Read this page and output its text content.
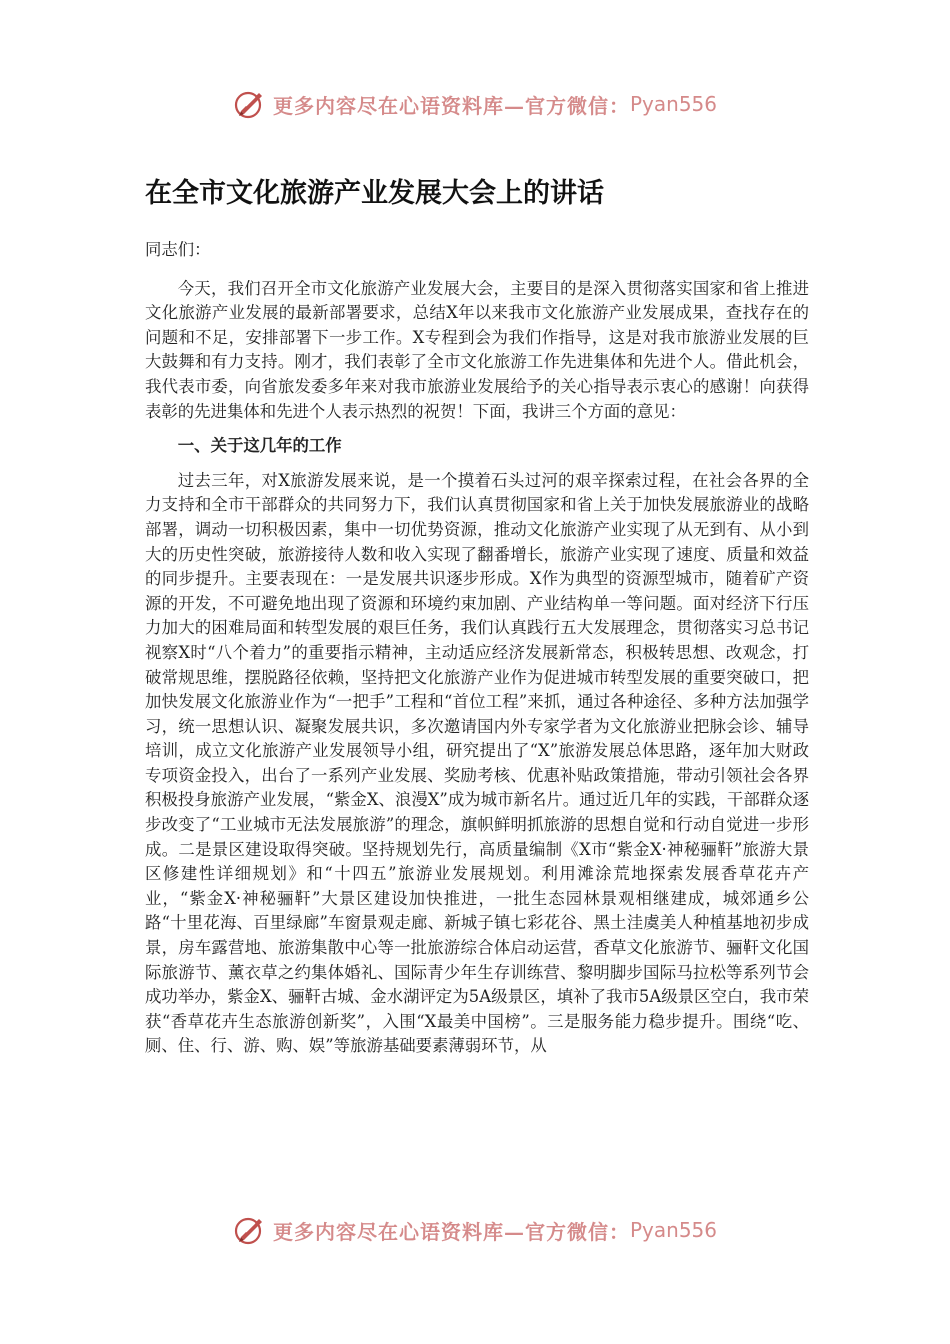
更多内容尽在心语资料库—官方微信： Pyan556
在全市文化旅游产业发展大会上的讲话

同志们：

今天，我们召开全市文化旅游产业发展大会，主要目的是深入贯彻落实国家和省上推进文化旅游产业发展的最新部署要求，总结X年以来我市文化旅游产业发展成果，查找存在的问题和不足，安排部署下一步工作。X专程到会为我们作指导，这是对我市旅游业发展的巨大鼓舞和有力支持。刚才，我们表彰了全市文化旅游工作先进集体和先进个人。借此机会，我代表市委，向省旅发委多年来对我市旅游业发展给予的关心指导表示衷心的感谢！向获得表彰的先进集体和先进个人表示热烈的祝贺！下面，我讲三个方面的意见：

一、关于这几年的工作

过去三年，对X旅游发展来说，是一个摸着石头过河的艰辛探索过程，在社会各界的全力支持和全市干部群众的共同努力下，我们认真贯彻国家和省上关于加快发展旅游业的战略部署，调动一切积极因素，集中一切优势资源，推动文化旅游产业实现了从无到有、从小到大的历史性突破，旅游接待人数和收入实现了翻番增长，旅游产业实现了速度、质量和效益的同步提升。主要表现在：一是发展共识逐步形成。X作为典型的资源型城市，随着矿产资源的开发，不可避免地出现了资源和环境约束加剧、产业结构单一等问题。面对经济下行压力加大的困难局面和转型发展的艰巨任务，我们认真践行五大发展理念，贯彻落实习总书记视察X时“八个着力”的重要指示精神，主动适应经济发展新常态，积极转思想、改观念，打破常规思维，摆脱路径依赖，坚持把文化旅游产业作为促进城市转型发展的重要突破口，把加快发展文化旅游业作为“一把手”工程和“首位工程”来抓，通过各种途径、多种方法加强学习，统一思想认识、凝聚发展共识，多次邀请国内外专家学者为文化旅游业把脉会诊、辅导培训，成立文化旅游产业发展领导小组，研究提出了“X”旅游发展总体思路，逐年加大财政专项资金投入，出台了一系列产业发展、奖励考核、优惠补贴政策措施，带动引领社会各界积极投身旅游产业发展，“紫金X、浪漫X”成为城市新名片。通过近几年的实践，干部群众逐步改变了“工业城市无法发展旅游”的理念，旗帜鲜明抓旅游的思想自觉和行动自觉进一步形成。二是景区建设取得突破。坚持规划先行，高质量编制《X市“紫金X·神秘骊靬”旅游大景区修建性详细规划》和“十四五”旅游业发展规划。利用滩涂荒地探索发展香草花卉产业，“紫金X·神秘骊靬”大景区建设加快推进，一批生态园林景观相继建成，城郊通乡公路“十里花海、百里绿廊”车窗景观走廊、新城子镇七彩花谷、黑土洼虞美人种植基地初步成景，房车露营地、旅游集散中心等一批旅游综合体启动运营，香草文化旅游节、骊靬文化国际旅游节、薰衣草之约集体婚礼、国际青少年生存训练营、黎明脚步国际马拉松等系列节会成功举办，紫金X、骊靬古城、金水湖评定为5A级景区，填补了我市5A级景区空白，我市荣获“香草花卉生态旅游创新奖”，入围“X最美中国榜”。三是服务能力稳步提升。围绕“吃、厕、住、行、游、购、娱”等旅游基础要素薄弱环节，从

更多内容尽在心语资料库—官方微信： Pyan556
